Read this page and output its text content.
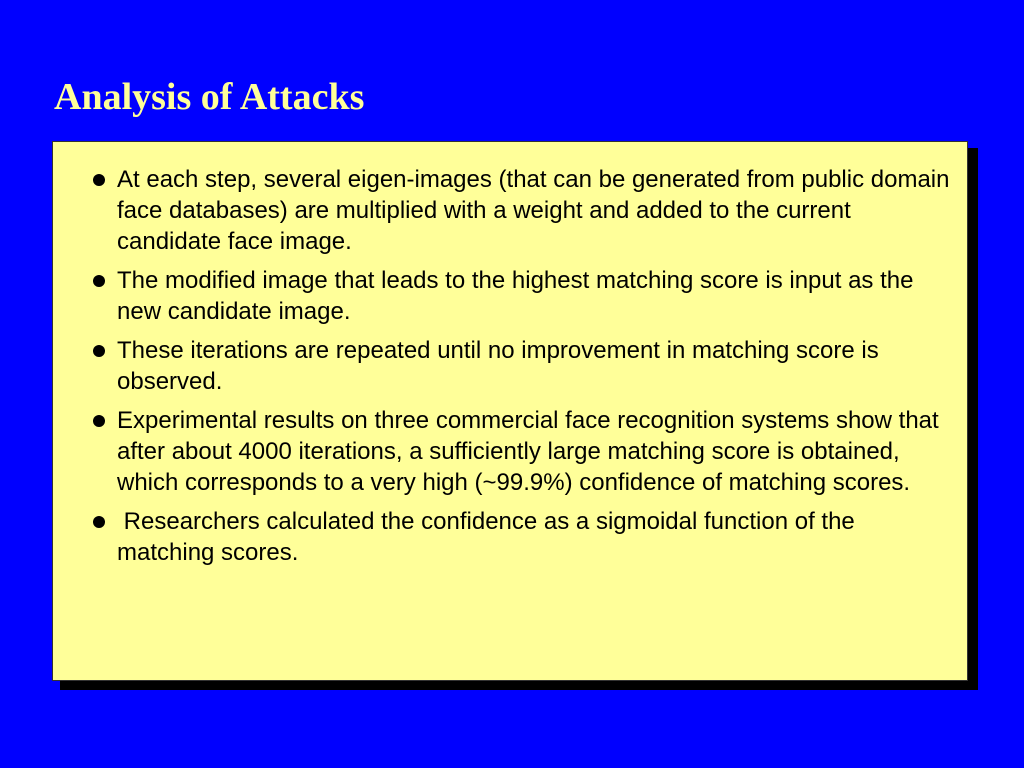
Analysis of Attacks
At each step, several eigen-images (that can be generated from public domain face databases) are multiplied with a weight and added to the current candidate face image.
The modified image that leads to the highest matching score is input as the new candidate image.
These iterations are repeated until no improvement in matching score is observed.
Experimental results on three commercial face recognition systems show that after about 4000 iterations, a sufficiently large matching score is obtained, which corresponds to a very high (~99.9%) confidence of matching scores.
Researchers calculated the confidence as a sigmoidal function of the matching scores.
